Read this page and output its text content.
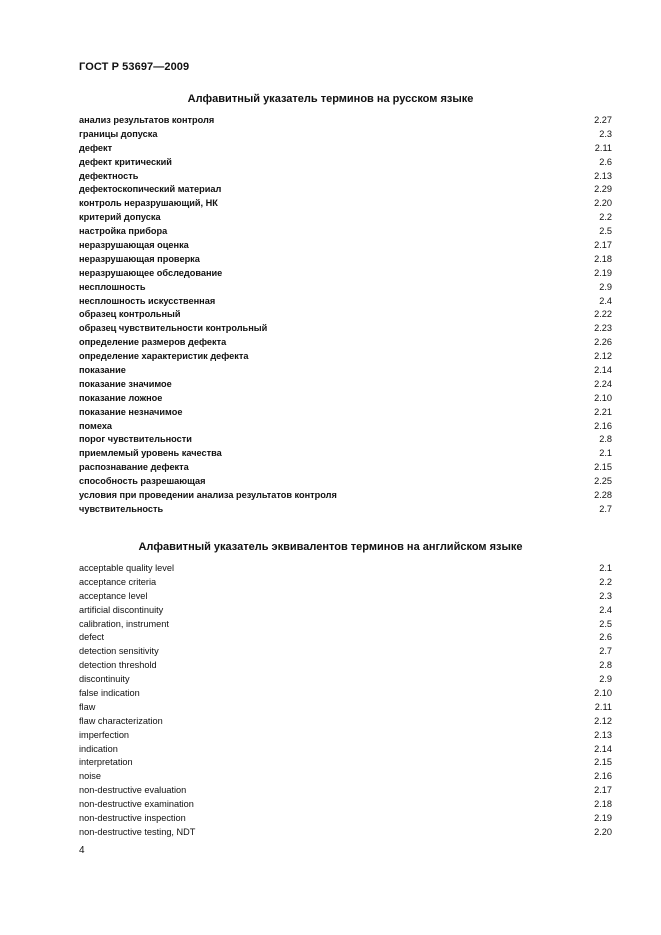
ГОСТ Р 53697—2009
Алфавитный указатель терминов на русском языке
анализ результатов контроля	2.27
границы допуска	2.3
дефект	2.11
дефект критический	2.6
дефектность	2.13
дефектоскопический материал	2.29
контроль неразрушающий, НК	2.20
критерий допуска	2.2
настройка прибора	2.5
неразрушающая оценка	2.17
неразрушающая проверка	2.18
неразрушающее обследование	2.19
несплошность	2.9
несплошность искусственная	2.4
образец контрольный	2.22
образец чувствительности контрольный	2.23
определение размеров дефекта	2.26
определение характеристик дефекта	2.12
показание	2.14
показание значимое	2.24
показание ложное	2.10
показание незначимое	2.21
помеха	2.16
порог чувствительности	2.8
приемлемый уровень качества	2.1
распознавание дефекта	2.15
способность разрешающая	2.25
условия при проведении анализа результатов контроля	2.28
чувствительность	2.7
Алфавитный указатель эквивалентов терминов на английском языке
acceptable quality level	2.1
acceptance criteria	2.2
acceptance level	2.3
artificial discontinuity	2.4
calibration, instrument	2.5
defect	2.6
detection sensitivity	2.7
detection threshold	2.8
discontinuity	2.9
false indication	2.10
flaw	2.11
flaw characterization	2.12
imperfection	2.13
indication	2.14
interpretation	2.15
noise	2.16
non-destructive evaluation	2.17
non-destructive examination	2.18
non-destructive inspection	2.19
non-destructive testing, NDT	2.20
4
